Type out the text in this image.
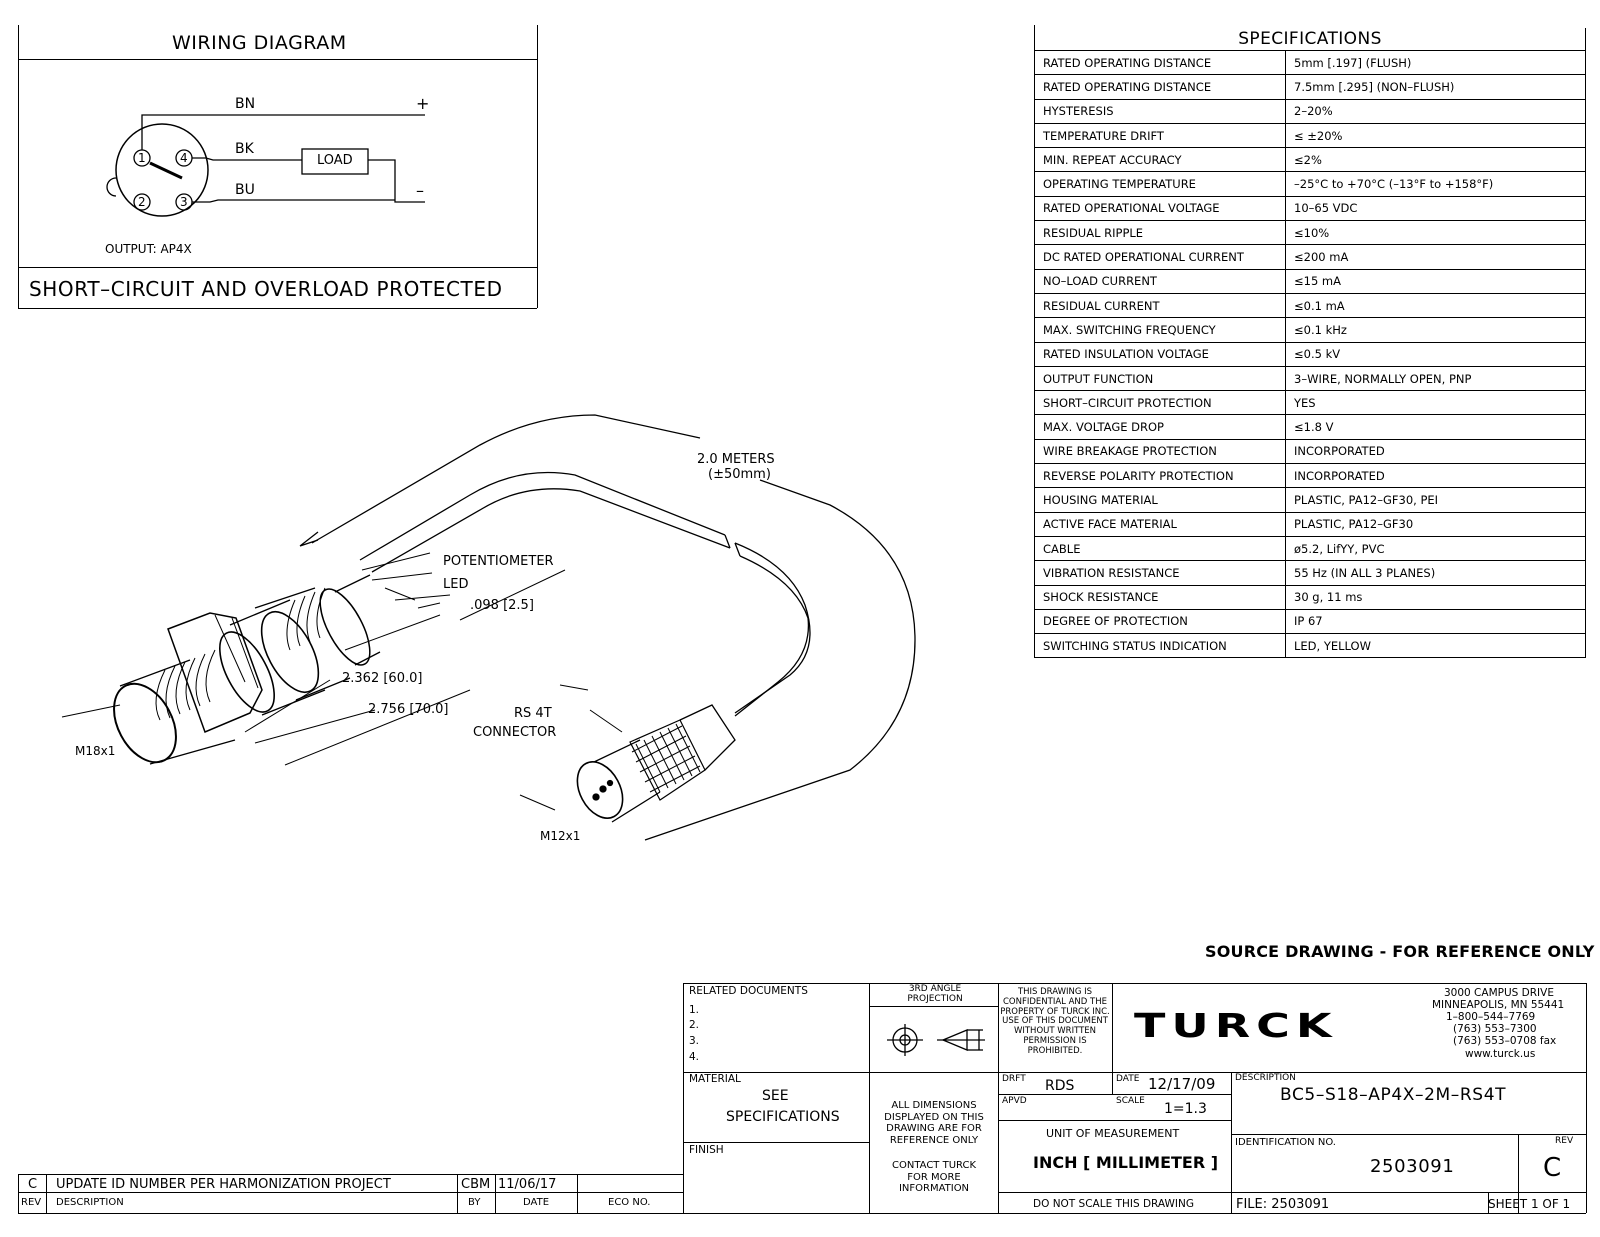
WIRING DIAGRAM
BN
BK
BU
+
–
LOAD
1	4
2	3
OUTPUT: AP4X
SHORT–CIRCUIT AND OVERLOAD PROTECTED
SPECIFICATIONS	
RATED OPERATING DISTANCE	5mm [.197] (FLUSH)
RATED OPERATING DISTANCE	7.5mm [.295] (NON–FLUSH)
HYSTERESIS	2–20%
TEMPERATURE DRIFT	≤ ±20%
MIN. REPEAT ACCURACY	≤2%
OPERATING TEMPERATURE	–25°C to +70°C (–13°F to +158°F)
RATED OPERATIONAL VOLTAGE	10–65 VDC
RESIDUAL RIPPLE	≤10%
DC RATED OPERATIONAL CURRENT	≤200 mA
NO–LOAD CURRENT	≤15 mA
RESIDUAL CURRENT	≤0.1 mA
MAX. SWITCHING FREQUENCY	≤0.1 kHz
RATED INSULATION VOLTAGE	≤0.5 kV
OUTPUT FUNCTION	3–WIRE, NORMALLY OPEN, PNP
SHORT–CIRCUIT PROTECTION	YES
MAX. VOLTAGE DROP	≤1.8 V
WIRE BREAKAGE PROTECTION	INCORPORATED
REVERSE POLARITY PROTECTION	INCORPORATED
HOUSING MATERIAL	PLASTIC, PA12–GF30, PEI
ACTIVE FACE MATERIAL	PLASTIC, PA12–GF30
CABLE	ø5.2, LifYY, PVC
VIBRATION RESISTANCE	55 Hz (IN ALL 3 PLANES)
SHOCK RESISTANCE	30 g, 11 ms
DEGREE OF PROTECTION	IP 67
SWITCHING STATUS INDICATION	LED, YELLOW
2.0 METERS
(±50mm)
POTENTIOMETER
LED
.098 [2.5]
2.362 [60.0]
2.756 [70.0]	RS 4T
CONNECTOR
M18x1
M12x1
SOURCE DRAWING - FOR REFERENCE ONLY
C UPDATE ID NUMBER PER HARMONIZATION PROJECT	CBM 11/06/17
REV DESCRIPTION	BY	DATE	ECO NO.
RELATED DOCUMENTS
1.
2.
3.
4.
3RD ANGLE PROJECTION
THIS DRAWING IS CONFIDENTIAL AND THE PROPERTY OF TURCK INC. USE OF THIS DOCUMENT WITHOUT WRITTEN PERMISSION IS PROHIBITED.
TURCK
3000 CAMPUS DRIVE
MINNEAPOLIS, MN 55441
1–800–544–7769
(763) 553–7300
(763) 553–0708 fax
www.turck.us
MATERIAL
SEE
SPECIFICATIONS
FINISH
ALL DIMENSIONS DISPLAYED ON THIS DRAWING ARE FOR REFERENCE ONLY
CONTACT TURCK FOR MORE INFORMATION
DRFT RDS	DATE 12/17/09
APVD	SCALE 1=1.3
UNIT OF MEASUREMENT
INCH [ MILLIMETER ]
DO NOT SCALE THIS DRAWING
DESCRIPTION
BC5–S18–AP4X–2M–RS4T
IDENTIFICATION NO.
2503091
REV
C
FILE: 2503091	SHEET 1 OF 1
